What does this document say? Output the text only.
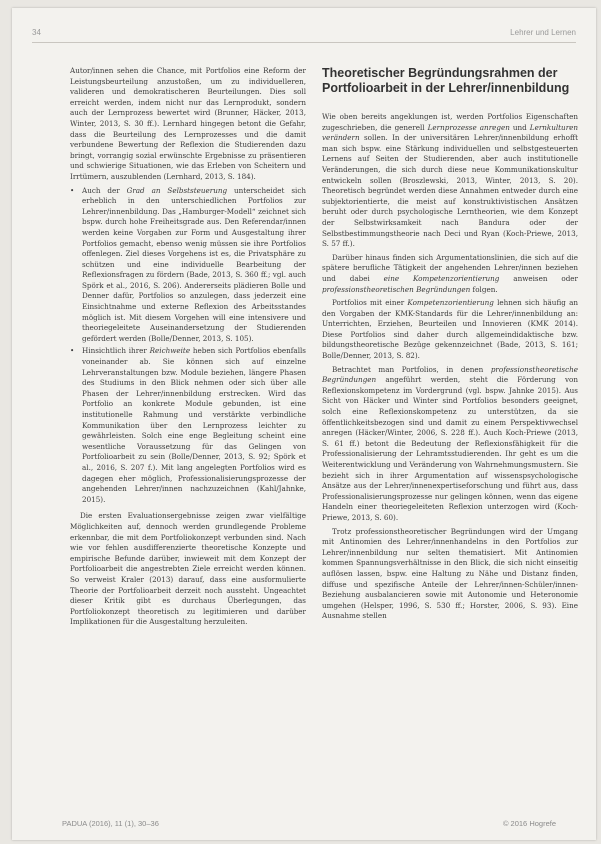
34	Lehrer und Lernen

Autor/innen sehen die Chance, mit Portfolios eine Reform der Leistungsbeurteilung anzustoßen, um zu individuelleren, valideren und demokratischeren Beurteilungen. Dies soll erreicht werden, indem nicht nur das Lernprodukt, sondern auch der Lernprozess bewertet wird (Brunner, Häcker, 2013, Winter, 2013, S. 30 ff.). Lernhard hingegen betont die Gefahr, dass die Beurteilung des Lernprozesses und die damit verbundene Bewertung der Reflexion die Studierenden dazu bringt, vorrangig sozial erwünschte Ergebnisse zu präsentieren und schwierige Situationen, wie das Erleben von Scheitern und Irrtümern, auszublenden (Lernhard, 2013, S. 184).

• Auch der Grad an Selbststeuerung unterscheidet sich erheblich in den unterschiedlichen Portfolios zur Lehrer/innenbildung. Das „Hamburger-Modell“ zeichnet sich bspw. durch hohe Freiheitsgrade aus. Den Referendar/innen werden keine Vorgaben zur Form und Ausgestaltung ihrer Portfolios gemacht, ebenso wenig müssen sie ihre Portfolios offenlegen. Ziel dieses Vorgehens ist es, die Privatsphäre zu schützen und eine individuelle Bearbeitung der Reflexionsfragen zu fördern (Bade, 2013, S. 360 ff.; vgl. auch Spörk et al., 2016, S. 206). Andererseits plädieren Bolle und Denner dafür, Portfolios so anzulegen, dass jederzeit eine Einsichtnahme und externe Reflexion des Arbeitsstandes möglich ist. Mit diesem Vorgehen will eine intensivere und theoriegeleitete Auseinandersetzung der Studierenden gefördert werden (Bolle/Denner, 2013, S. 105).
• Hinsichtlich ihrer Reichweite heben sich Portfolios ebenfalls voneinander ab. Sie können sich auf einzelne Lehrveranstaltungen bzw. Module beziehen, längere Phasen des Studiums in den Blick nehmen oder sich über alle Phasen der Lehrer/innenbildung erstrecken. Wird das Portfolio an konkrete Module gebunden, ist eine institutionelle Rahmung und verstärkte verbindliche Kommunikation über den Lernprozess leichter zu gewährleisten. Solch eine enge Begleitung scheint eine wesentliche Voraussetzung für das Gelingen von Portfolioarbeit zu sein (Bolle/Denner, 2013, S. 92; Spörk et al., 2016, S. 207 f.). Mit lang angelegten Portfolios wird es dagegen eher möglich, Professionalisierungsprozesse der angehenden Lehrer/innen nachzuzeichnen (Kahl/Jahnke, 2015).

Die ersten Evaluationsergebnisse zeigen zwar vielfältige Möglichkeiten auf, dennoch werden grundlegende Probleme erkennbar, die mit dem Portfoliokonzept verbunden sind. Nach wie vor fehlen ausdifferenzierte theoretische Konzepte und empirische Befunde darüber, inwieweit mit dem Konzept der Portfolioarbeit die angestrebten Ziele erreicht werden können. So verweist Kraler (2013) darauf, dass eine ausformulierte Theorie der Portfolioarbeit derzeit noch aussteht. Ungeachtet dieser Kritik gibt es durchaus Überlegungen, das Portfoliokonzept theoretisch zu legitimieren und darüber Implikationen für die Ausgestaltung herzuleiten.

Theoretischer Begründungsrahmen der Portfolioarbeit in der Lehrer/innenbildung

Wie oben bereits angeklungen ist, werden Portfolios Eigenschaften zugeschrieben, die generell Lernprozesse anregen und Lernkulturen verändern sollen. In der universitären Lehrer/innenbildung erhofft man sich bspw. eine Stärkung individuellen und selbstgesteuerten Lernens auf Seiten der Studierenden, aber auch institutionelle Veränderungen, die sich durch diese neue Kommunikationskultur entwickeln sollen (Broszlewski, 2013, Winter, 2013, S. 20). Theoretisch begründet werden diese Annahmen entweder durch eine subjektorientierte, die meist auf konstruktivistischen Ansätzen beruht oder durch psychologische Lerntheorien, wie dem Konzept der Selbstwirksamkeit nach Bandura oder der Selbstbestimmungstheorie nach Deci und Ryan (Koch-Priewe, 2013, S. 57 ff.).

Darüber hinaus finden sich Argumentationslinien, die sich auf die spätere berufliche Tätigkeit der angehenden Lehrer/innen beziehen und dabei eine Kompetenzorientierung anweisen oder professionstheoretischen Begründungen folgen.

Portfolios mit einer Kompetenzorientierung lehnen sich häufig an den Vorgaben der KMK-Standards für die Lehrer/innenbildung an: Unterrichten, Erziehen, Beurteilen und Innovieren (KMK 2014). Diese Portfolios sind daher durch allgemeindidaktische bzw. bildungstheoretische Bezüge gekennzeichnet (Bade, 2013, S. 161; Bolle/Denner, 2013, S. 82).

Betrachtet man Portfolios, in denen professionstheoretische Begründungen angeführt werden, steht die Förderung von Reflexionskompetenz im Vordergrund (vgl. bspw. Jahnke 2015). Aus Sicht von Häcker und Winter sind Portfolios besonders geeignet, solch eine Reflexionskompetenz zu unterstützen, da sie öffentlichkeitsbezogen sind und damit zu einem Perspektivwechsel anregen (Häcker/Winter, 2006, S. 228 ff.). Auch Koch-Priewe (2013, S. 61 ff.) betont die Bedeutung der Reflexionsfähigkeit für die Professionalisierung der Lehramtsstudierenden. Ihr geht es um die Weiterentwicklung und Veränderung von Wahrnehmungsmustern. Sie bezieht sich in ihrer Argumentation auf wissenspsychologische Ansätze aus der Lehrer/innenexpertiseforschung und führt aus, dass Professionalisierungsprozesse nur gelingen können, wenn das eigene Handeln einer theoriegeleiteten Reflexion unterzogen wird (Koch-Priewe, 2013, S. 60).

Trotz professionstheoretischer Begründungen wird der Umgang mit Antinomien des Lehrer/innenhandelns in den Portfolios zur Lehrer/innenbildung nur selten thematisiert. Mit Antinomien kommen Spannungsverhältnisse in den Blick, die sich nicht einseitig auflösen lassen, bspw. eine Haltung zu Nähe und Distanz finden, diffuse und spezifische Anteile der Lehrer/innen-Schüler/innen-Beziehung ausbalancieren sowie mit Autonomie und Heteronomie umgehen (Helsper, 1996, S. 530 ff.; Horster, 2006, S. 93). Eine Ausnahme stellen

PADUA (2016), 11 (1), 30–36	© 2016 Hogrefe
